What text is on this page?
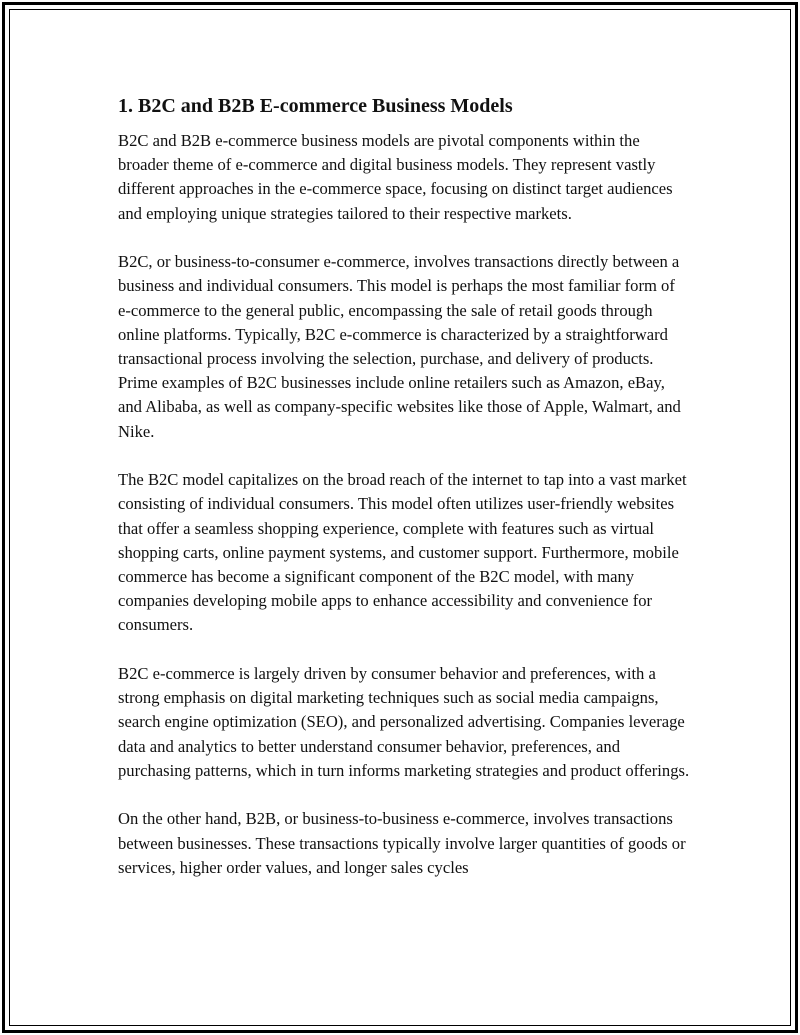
1. B2C and B2B E-commerce Business Models

B2C and B2B e-commerce business models are pivotal components within the broader theme of e-commerce and digital business models. They represent vastly different approaches in the e-commerce space, focusing on distinct target audiences and employing unique strategies tailored to their respective markets.

B2C, or business-to-consumer e-commerce, involves transactions directly between a business and individual consumers. This model is perhaps the most familiar form of e-commerce to the general public, encompassing the sale of retail goods through online platforms. Typically, B2C e-commerce is characterized by a straightforward transactional process involving the selection, purchase, and delivery of products. Prime examples of B2C businesses include online retailers such as Amazon, eBay, and Alibaba, as well as company-specific websites like those of Apple, Walmart, and Nike.

The B2C model capitalizes on the broad reach of the internet to tap into a vast market consisting of individual consumers. This model often utilizes user-friendly websites that offer a seamless shopping experience, complete with features such as virtual shopping carts, online payment systems, and customer support. Furthermore, mobile commerce has become a significant component of the B2C model, with many companies developing mobile apps to enhance accessibility and convenience for consumers.

B2C e-commerce is largely driven by consumer behavior and preferences, with a strong emphasis on digital marketing techniques such as social media campaigns, search engine optimization (SEO), and personalized advertising. Companies leverage data and analytics to better understand consumer behavior, preferences, and purchasing patterns, which in turn informs marketing strategies and product offerings.

On the other hand, B2B, or business-to-business e-commerce, involves transactions between businesses. These transactions typically involve larger quantities of goods or services, higher order values, and longer sales cycles
